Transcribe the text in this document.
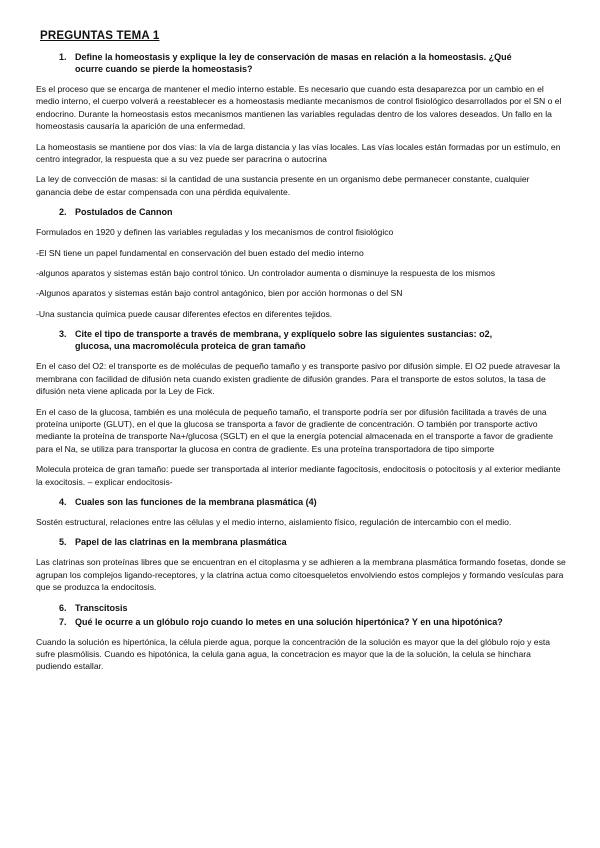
PREGUNTAS TEMA 1
1. Define la homeostasis y explique la ley de conservación de masas en relación a la homeostasis. ¿Qué ocurre cuando se pierde la homeostasis?
Es el proceso que se encarga de mantener el medio interno estable. Es necesario que cuando esta desaparezca por un cambio en el medio interno, el cuerpo volverá a reestablecer es a homeostasis mediante mecanismos de control fisiológico desarrollados por el SN o el endocrino. Durante la homeostasis estos mecanismos mantienen las variables reguladas dentro de los valores deseados. Un fallo en la homeostasis causaría la aparición de una enfermedad.
La homeostasis se mantiene por dos vías: la vía de larga distancia y las vías locales. Las vías locales están formadas por un estímulo, en centro integrador, la respuesta que a su vez puede ser paracrina o autocrina
La ley de convección de masas: si la cantidad de una sustancia presente en un organismo debe permanecer constante, cualquier ganancia debe de estar compensada con una pérdida equivalente.
2. Postulados de Cannon
Formulados en 1920 y definen las variables reguladas y los mecanismos de control fisiológico
-El SN tiene un papel fundamental en conservación del buen estado del medio interno
-algunos aparatos y sistemas están bajo control tónico. Un controlador aumenta o disminuye la respuesta de los mismos
-Algunos aparatos y sistemas están bajo control antagónico, bien por acción hormonas o del SN
-Una sustancia química puede causar diferentes efectos en diferentes tejidos.
3. Cite el tipo de transporte a través de membrana, y explíquelo sobre las siguientes sustancias: o2, glucosa, una macromolécula proteica de gran tamaño
En el caso del O2: el transporte es de moléculas de pequeño tamaño y es transporte pasivo por difusión simple. El O2 puede atravesar la membrana con facilidad de difusión neta cuando existen gradiente de difusión grandes. Para el transporte de estos solutos, la tasa de difusión neta viene aplicada por la Ley de Fick.
En el caso de la glucosa, también es una molécula de pequeño tamaño, el transporte podría ser por difusión facilitada a través de una proteína uniporte (GLUT), en el que la glucosa se transporta a favor de gradiente de concentración. O también por transporte activo mediante la proteína de transporte Na+/glucosa (SGLT) en el que la energía potencial almacenada en el transporte a favor de gradiente para el Na, se utiliza para transportar la glucosa en contra de gradiente. Es una proteína transportadora de tipo simporte
Molecula proteica de gran tamaño: puede ser transportada al interior mediante fagocitosis, endocitosis o potocitosis y al exterior mediante la exocitosis. – explicar endocitosis-
4. Cuales son las funciones de la membrana plasmática (4)
Sostén estructural, relaciones entre las células y el medio interno, aislamiento físico, regulación de intercambio con el medio.
5. Papel de las clatrinas en la membrana plasmática
Las clatrinas son proteínas libres que se encuentran en el citoplasma y se adhieren a la membrana plasmática formando fosetas, donde se agrupan los complejos ligando-receptores, y la clatrina actua como citoesqueletos envolviendo estos complejos y formando vesículas para que se produzca la endocitosis.
6. Transcitosis
7. Qué le ocurre a un glóbulo rojo cuando lo metes en una solución hipertónica? Y en una hipotónica?
Cuando la solución es hipertónica, la célula pierde agua, porque la concentración de la solución es mayor que la del glóbulo rojo y esta sufre plasmólisis. Cuando es hipotónica, la celula gana agua, la concetracion es mayor que la de la solución, la celula se hinchara pudiendo estallar.
